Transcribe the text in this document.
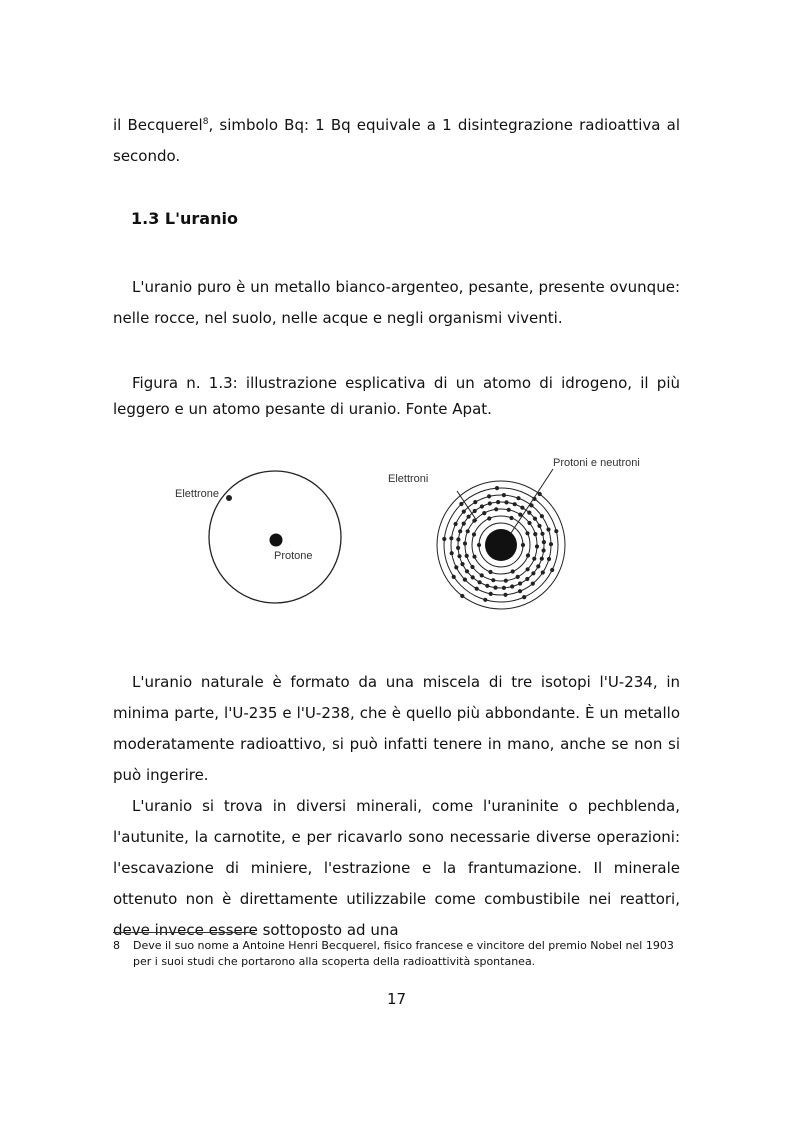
il Becquerel$^8$, simbolo Bq: 1 Bq equivale a 1 disintegrazione radioattiva al secondo.

1.3 L'uranio

L'uranio puro è un metallo bianco-argenteo, pesante, presente ovunque: nelle rocce, nel suolo, nelle acque e negli organismi viventi.

Figura n. 1.3: illustrazione esplicativa di un atomo di idrogeno, il più leggero e un atomo pesante di uranio. Fonte Apat.

Elettrone
Protone
Elettroni
Protoni e neutroni

L'uranio naturale è formato da una miscela di tre isotopi l'U-234, in minima parte, l'U-235 e l'U-238, che è quello più abbondante. È un metallo moderatamente radioattivo, si può infatti tenere in mano, anche se non si può ingerire.

L'uranio si trova in diversi minerali, come l'uraninite o pechblenda, l'autunite, la carnotite, e per ricavarlo sono necessarie diverse operazioni: l'escavazione di miniere, l'estrazione e la frantumazione. Il minerale ottenuto non è direttamente utilizzabile come combustibile nei reattori, deve invece essere sottoposto ad una

8 Deve il suo nome a Antoine Henri Becquerel, fisico francese e vincitore del premio Nobel nel 1903 per i suoi studi che portarono alla scoperta della radioattività spontanea.
17
